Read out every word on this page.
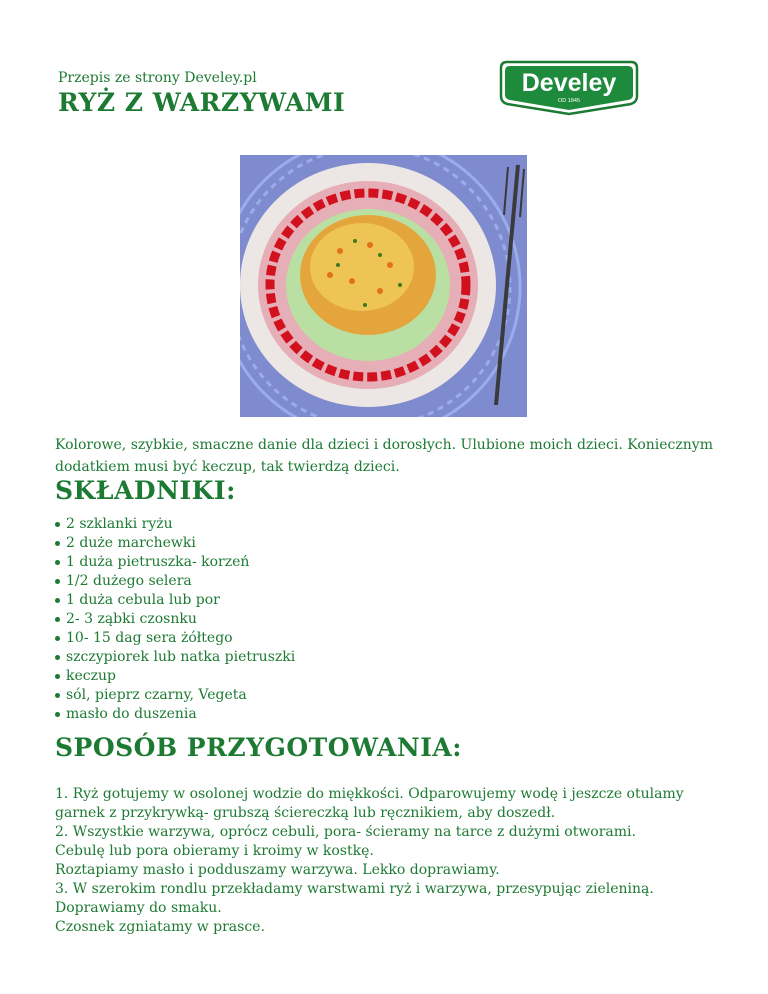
Przepis ze strony Develey.pl
RYŻ Z WARZYWAMI
Develey
OD 1845

Kolorowe, szybkie, smaczne danie dla dzieci i dorosłych. Ulubione moich dzieci. Koniecznym dodatkiem musi być keczup, tak twierdzą dzieci.

SKŁADNIKI:
2 szklanki ryżu
2 duże marchewki
1 duża pietruszka- korzeń
1/2 dużego selera
1 duża cebula lub por
2- 3 ząbki czosnku
10- 15 dag sera żółtego
szczypiorek lub natka pietruszki
keczup
sól, pieprz czarny, Vegeta
masło do duszenia
SPOSÓB PRZYGOTOWANIA:
1. Ryż gotujemy w osolonej wodzie do miękkości. Odparowujemy wodę i jeszcze otulamy
garnek z przykrywką- grubszą ściereczką lub ręcznikiem, aby doszedł.
2. Wszystkie warzywa, oprócz cebuli, pora- ścieramy na tarce z dużymi otworami.
Cebulę lub pora obieramy i kroimy w kostkę.
Roztapiamy masło i podduszamy warzywa. Lekko doprawiamy.
3. W szerokim rondlu przekładamy warstwami ryż i warzywa, przesypując zieleniną.
Doprawiamy do smaku.
Czosnek zgniatamy w prasce.
